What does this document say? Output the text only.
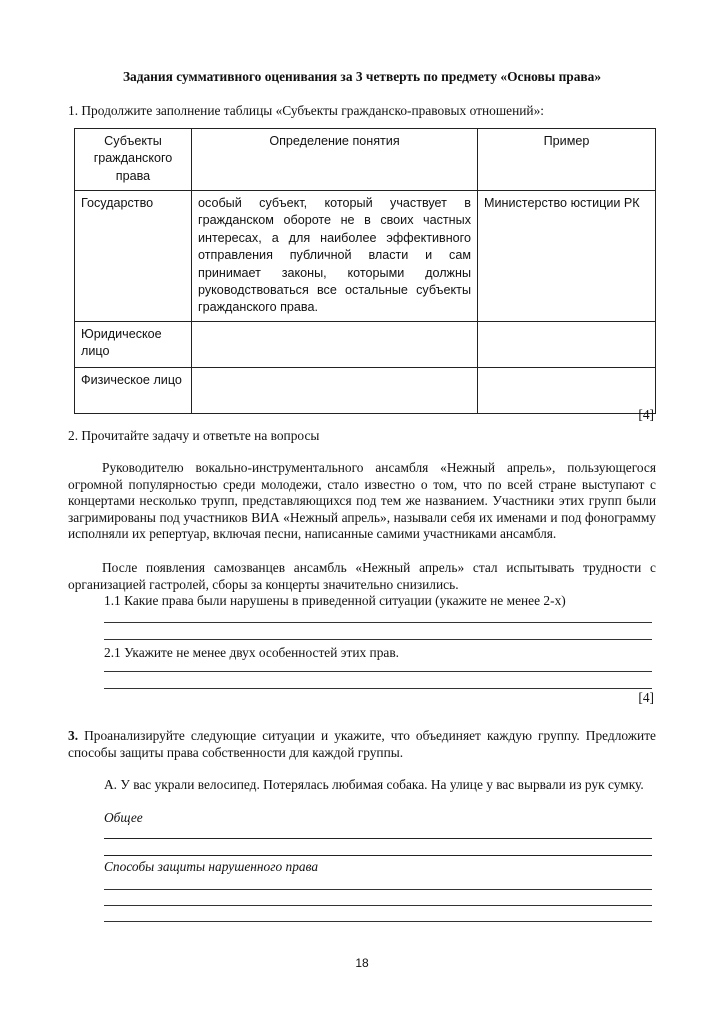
Задания суммативного оценивания за 3 четверть по предмету «Основы права»
1. Продолжите заполнение таблицы «Субъекты гражданско-правовых отношений»:
Субъекты гражданского права	Определение понятия	Пример
Государство	особый субъект, который участвует в гражданском обороте не в своих частных интересах, а для наиболее эффективного отправления публичной власти и сам принимает законы, которыми должны руководствоваться все остальные субъекты гражданского права.	Министерство юстиции РК
Юридическое лицо		
Физическое лицо		
[4]
2. Прочитайте задачу и ответьте на вопросы
Руководителю вокально-инструментального ансамбля «Нежный апрель», пользующегося огромной популярностью среди молодежи, стало известно о том, что по всей стране выступают с концертами несколько трупп, представляющихся под тем же названием. Участники этих групп были загримированы под участников ВИА «Нежный апрель», называли себя их именами и под фонограмму исполняли их репертуар, включая песни, написанные самими участниками ансамбля.
После появления самозванцев ансамбль «Нежный апрель» стал испытывать трудности с организацией гастролей, сборы за концерты значительно снизились.
1.1 Какие права были нарушены в приведенной ситуации (укажите не менее 2-х)
2.1 Укажите не менее двух особенностей этих прав.
[4]
3. Проанализируйте следующие ситуации и укажите, что объединяет каждую группу. Предложите способы защиты права собственности для каждой группы.
А. У вас украли велосипед. Потерялась любимая собака. На улице у вас вырвали из рук сумку.
Общее
Способы защиты нарушенного права
18
